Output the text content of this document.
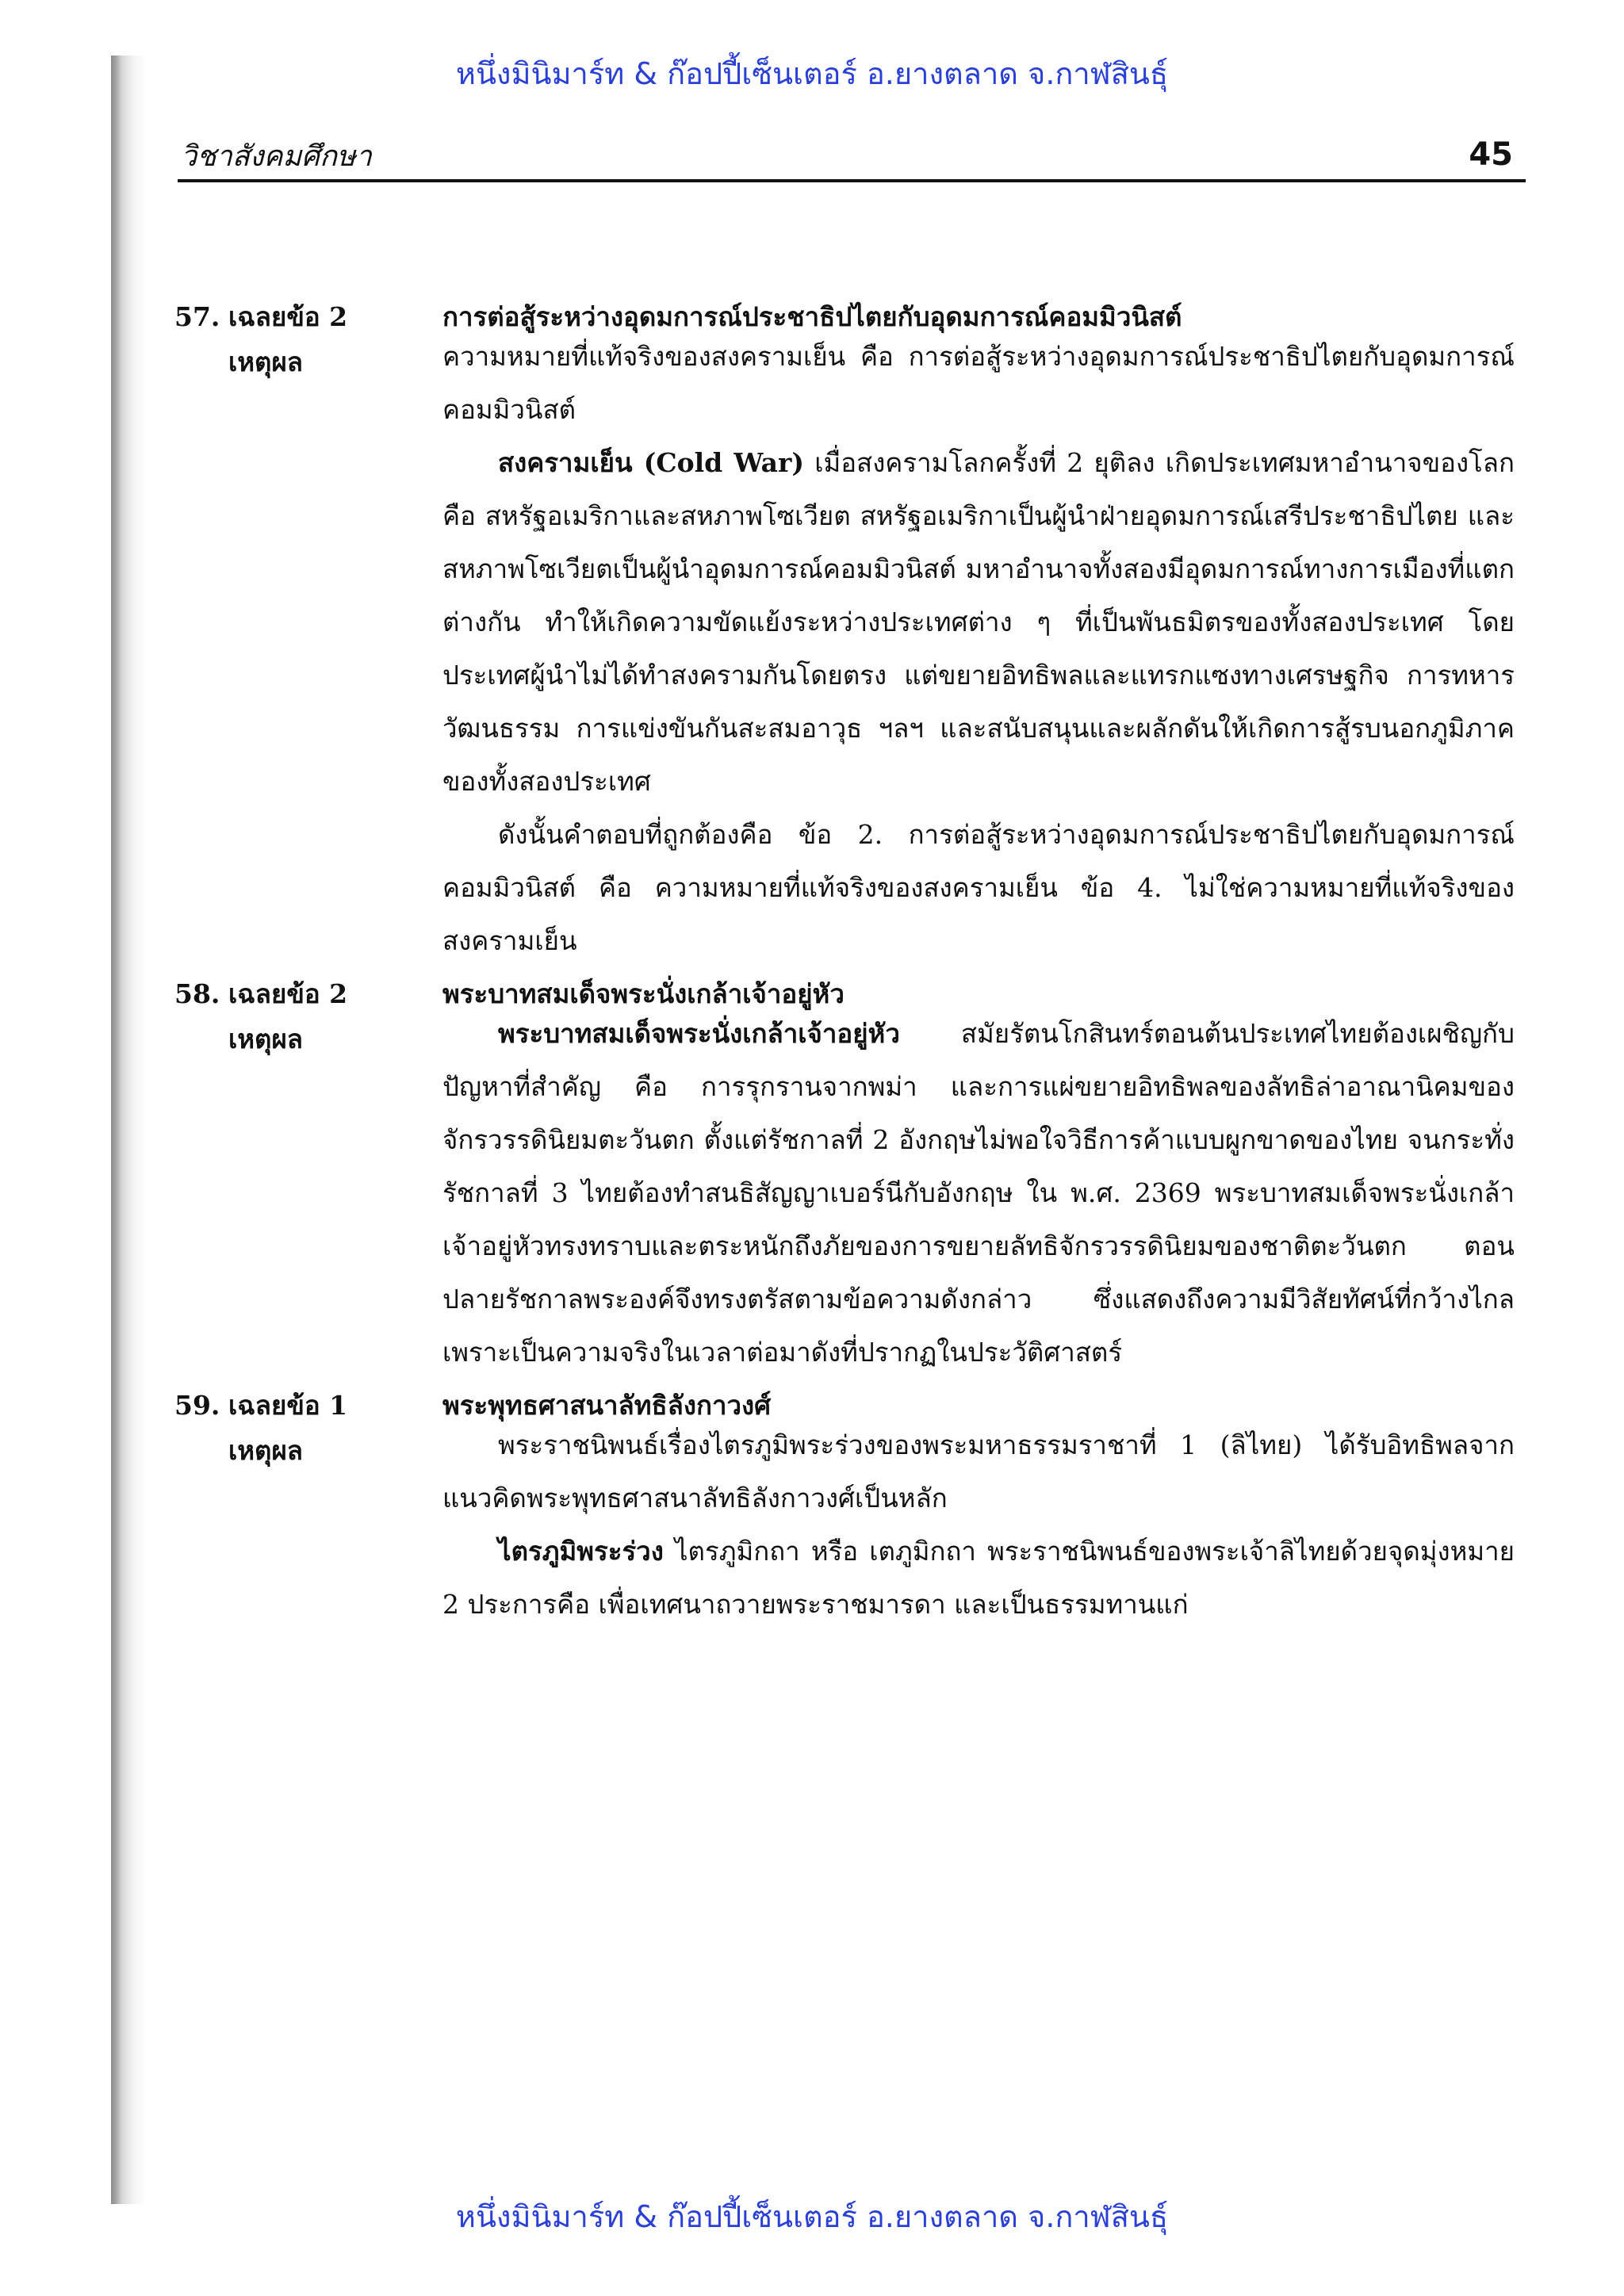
หนึ่งมินิมาร์ท & ก๊อปปี้เซ็นเตอร์ อ.ยางตลาด จ.กาฬสินธุ์
วิชาสังคมศึกษา	45
57. เฉลยข้อ 2	การต่อสู้ระหว่างอุดมการณ์ประชาธิปไตยกับอุดมการณ์คอมมิวนิสต์
เหตุผล	ความหมายที่แท้จริงของสงครามเย็น คือ การต่อสู้ระหว่างอุดมการณ์ประชาธิปไตยกับอุดมการณ์คอมมิวนิสต์

สงครามเย็น (Cold War) เมื่อสงครามโลกครั้งที่ 2 ยุติลง เกิดประเทศมหาอำนาจของโลก คือ สหรัฐอเมริกาและสหภาพโซเวียต สหรัฐอเมริกาเป็นผู้นำฝ่ายอุดมการณ์เสรีประชาธิปไตย และสหภาพโซเวียตเป็นผู้นำอุดมการณ์คอมมิวนิสต์ มหาอำนาจทั้งสองมีอุดมการณ์ทางการเมืองที่แตกต่างกัน ทำให้เกิดความขัดแย้งระหว่างประเทศต่าง ๆ ที่เป็นพันธมิตรของทั้งสองประเทศ โดยประเทศผู้นำไม่ได้ทำสงครามกันโดยตรง แต่ขยายอิทธิพลและแทรกแซงทางเศรษฐกิจ การทหาร วัฒนธรรม การแข่งขันกันสะสมอาวุธ ฯลฯ และสนับสนุนและผลักดันให้เกิดการสู้รบนอกภูมิภาคของทั้งสองประเทศ

ดังนั้นคำตอบที่ถูกต้องคือ ข้อ 2. การต่อสู้ระหว่างอุดมการณ์ประชาธิปไตยกับอุดมการณ์คอมมิวนิสต์ คือ ความหมายที่แท้จริงของสงครามเย็น ข้อ 4. ไม่ใช่ความหมายที่แท้จริงของสงครามเย็น

58. เฉลยข้อ 2	พระบาทสมเด็จพระนั่งเกล้าเจ้าอยู่หัว
เหตุผล	พระบาทสมเด็จพระนั่งเกล้าเจ้าอยู่หัว สมัยรัตนโกสินทร์ตอนต้นประเทศไทยต้องเผชิญกับปัญหาที่สำคัญ คือ การรุกรานจากพม่า และการแผ่ขยายอิทธิพลของลัทธิล่าอาณานิคมของจักรวรรดินิยมตะวันตก ตั้งแต่รัชกาลที่ 2 อังกฤษไม่พอใจวิธีการค้าแบบผูกขาดของไทย จนกระทั่งรัชกาลที่ 3 ไทยต้องทำสนธิสัญญาเบอร์นีกับอังกฤษ ใน พ.ศ. 2369 พระบาทสมเด็จพระนั่งเกล้าเจ้าอยู่หัวทรงทราบและตระหนักถึงภัยของการขยายลัทธิจักรวรรดินิยมของชาติตะวันตก ตอนปลายรัชกาลพระองค์จึงทรงตรัสตามข้อความดังกล่าว ซึ่งแสดงถึงความมีวิสัยทัศน์ที่กว้างไกล เพราะเป็นความจริงในเวลาต่อมาดังที่ปรากฏในประวัติศาสตร์

59. เฉลยข้อ 1	พระพุทธศาสนาลัทธิลังกาวงศ์
เหตุผล	พระราชนิพนธ์เรื่องไตรภูมิพระร่วงของพระมหาธรรมราชาที่ 1 (ลิไทย) ได้รับอิทธิพลจากแนวคิดพระพุทธศาสนาลัทธิลังกาวงศ์เป็นหลัก

ไตรภูมิพระร่วง ไตรภูมิกถา หรือ เตภูมิกถา พระราชนิพนธ์ของพระเจ้าลิไทยด้วยจุดมุ่งหมาย 2 ประการคือ เพื่อเทศนาถวายพระราชมารดา และเป็นธรรมทานแก่

หนึ่งมินิมาร์ท & ก๊อปปี้เซ็นเตอร์ อ.ยางตลาด จ.กาฬสินธุ์
